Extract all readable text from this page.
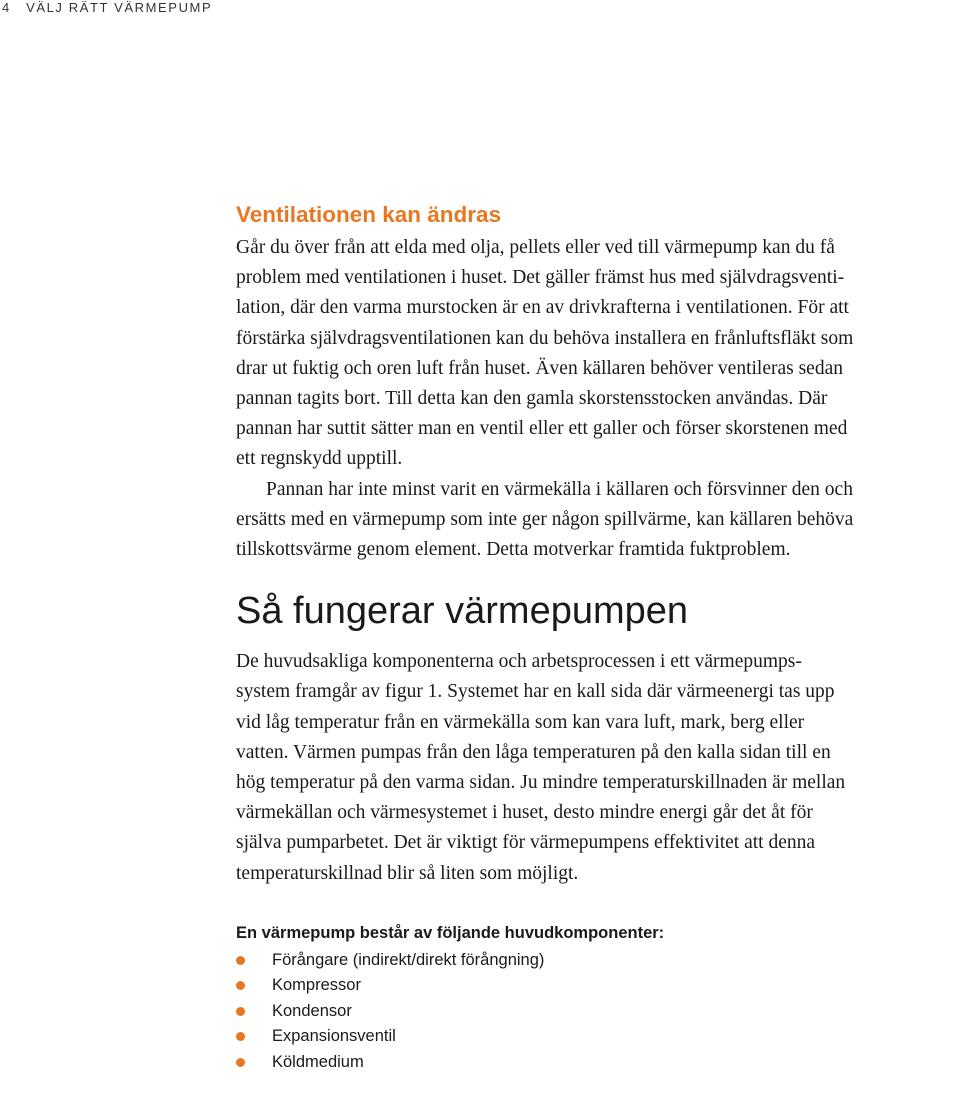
4 VÄLJ RÄTT VÄRMEPUMP
Ventilationen kan ändras

Går du över från att elda med olja, pellets eller ved till värmepump kan du få
problem med ventilationen i huset. Det gäller främst hus med självdragsventi-
lation, där den varma murstocken är en av drivkrafterna i ventilationen. För att
förstärka självdragsventilationen kan du behöva installera en frånluftsfläkt som
drar ut fuktig och oren luft från huset. Även källaren behöver ventileras sedan
pannan tagits bort. Till detta kan den gamla skorstensstocken användas. Där
pannan har suttit sätter man en ventil eller ett galler och förser skorstenen med
ett regnskydd upptill.

Pannan har inte minst varit en värmekälla i källaren och försvinner den och
ersätts med en värmepump som inte ger någon spillvärme, kan källaren behöva
tillskottsvärme genom element. Detta motverkar framtida fuktproblem.

Så fungerar värmepumpen

De huvudsakliga komponenterna och arbetsprocessen i ett värmepumps-
system framgår av figur 1. Systemet har en kall sida där värmeenergi tas upp
vid låg temperatur från en värmekälla som kan vara luft, mark, berg eller
vatten. Värmen pumpas från den låga temperaturen på den kalla sidan till en
hög temperatur på den varma sidan. Ju mindre temperaturskillnaden är mellan
värmekällan och värmesystemet i huset, desto mindre energi går det åt för
själva pumparbetet. Det är viktigt för värmepumpens effektivitet att denna
temperaturskillnad blir så liten som möjligt.

En värmepump består av följande huvudkomponenter:
Förångare (indirekt/direkt förångning)
Kompressor
Kondensor
Expansionsventil
Köldmedium
